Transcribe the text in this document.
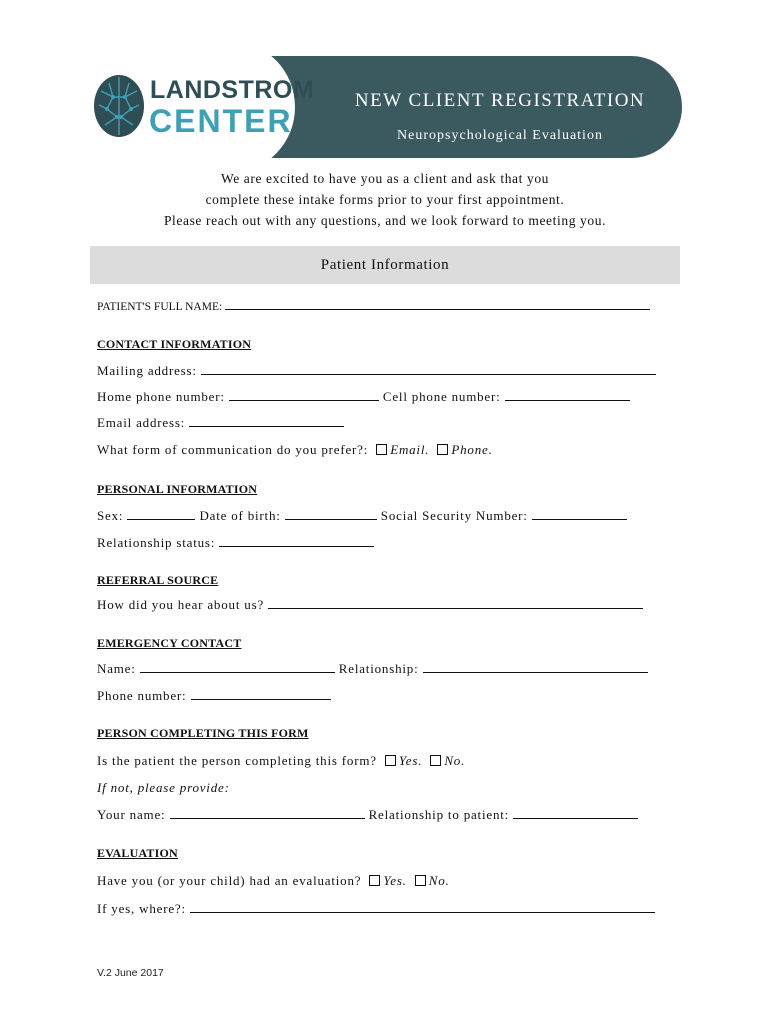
LANDSTROM
CENTER
NEW CLIENT REGISTRATION
Neuropsychological Evaluation
We are excited to have you as a client and ask that you
complete these intake forms prior to your first appointment.
Please reach out with any questions, and we look forward to meeting you.
Patient Information
PATIENT'S FULL NAME:
CONTACT INFORMATION
Mailing address:
Home phone number:	Cell phone number:
Email address:
What form of communication do you prefer?: Email. Phone.
PERSONAL INFORMATION
Sex:	Date of birth:	Social Security Number:
Relationship status:
REFERRAL SOURCE
How did you hear about us?
EMERGENCY CONTACT
Name:	Relationship:
Phone number:
PERSON COMPLETING THIS FORM
Is the patient the person completing this form? Yes. No.
If not, please provide:
Your name:	Relationship to patient:
EVALUATION
Have you (or your child) had an evaluation? Yes. No.
If yes, where?:
V.2 June 2017
